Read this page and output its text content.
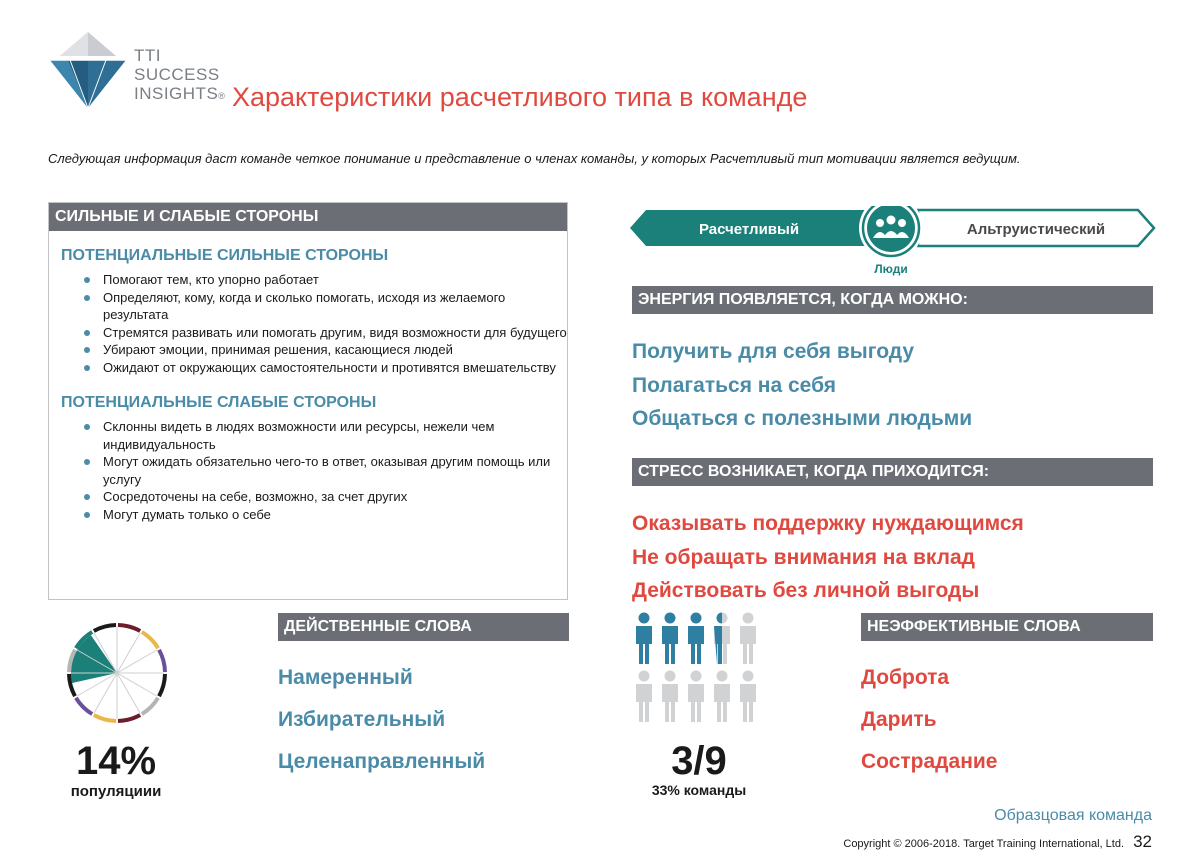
TTI
SUCCESS
INSIGHTS® Характеристики расчетливого типа в команде
Следующая информация даст команде четкое понимание и представление о членах команды, у которых Расчетливый тип мотивации является ведущим.
СИЛЬНЫЕ И СЛАБЫЕ СТОРОНЫ

ПОТЕНЦИАЛЬНЫЕ СИЛЬНЫЕ СТОРОНЫ

Помогают тем, кто упорно работает
Определяют, кому, когда и сколько помогать, исходя из желаемого результата
Стремятся развивать или помогать другим, видя возможности для будущего
Убирают эмоции, принимая решения, касающиеся людей
Ожидают от окружающих самостоятельности и противятся вмешательству

ПОТЕНЦИАЛЬНЫЕ СЛАБЫЕ СТОРОНЫ

Склонны видеть в людях возможности или ресурсы, нежели чем индивидуальность
Могут ожидать обязательно чего-то в ответ, оказывая другим помощь или услугу
Сосредоточены на себе, возможно, за счет других
Могут думать только о себе
Расчетливый	Альтруистический
Люди
ЭНЕРГИЯ ПОЯВЛЯЕТСЯ, КОГДА МОЖНО:
Получить для себя выгоду
Полагаться на себя
Общаться с полезными людьми
СТРЕСС ВОЗНИКАЕТ, КОГДА ПРИХОДИТСЯ:
Оказывать поддержку нуждающимся
Не обращать внимания на вклад
Действовать без личной выгоды
14%
популяциии
ДЕЙСТВЕННЫЕ СЛОВА
Намеренный
Избирательный
Целенаправленный	3/9
33% команды
НЕЭФФЕКТИВНЫЕ СЛОВА
Доброта
Дарить
Сострадание
Образцовая команда
Copyright © 2006-2018. Target Training International, Ltd. 32
